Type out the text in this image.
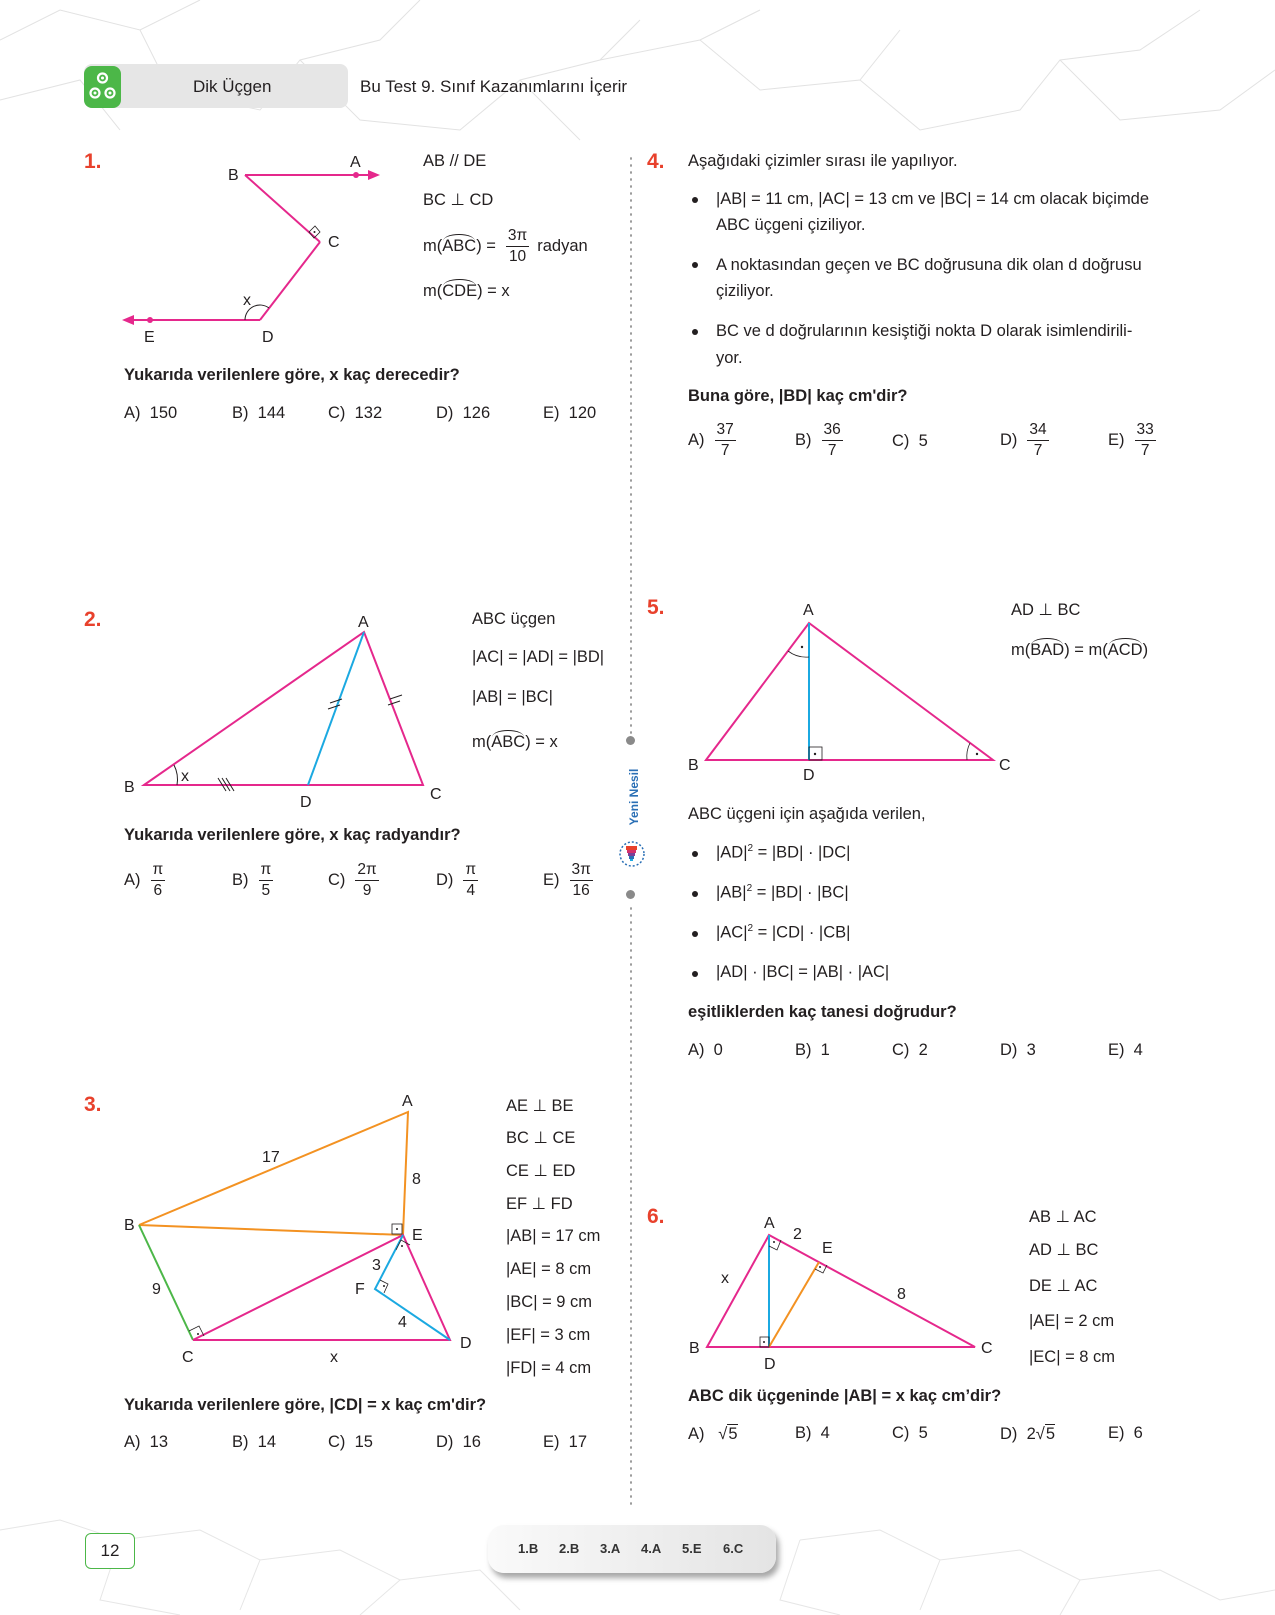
Dik Üçgen	Bu Test 9. Sınıf Kazanımlarını İçerir
Yeni Nesil
1.	A
B
C
D
E
x
AB // DE
BC ⊥ CD
m( ABC ) = $\frac{3\pi}{10}$ radyan
m(CDE) = x
Yukarıda verilenlere göre, x kaç derecedir?
A)
150	B)
144	C)
132	D)
126	E)
120
2.	A
B	C
D
x
ABC üçgen
|AC| = |AD| = |BD|
|AB| = |BC|
m(ABC) = x
Yukarıda verilenlere göre, x kaç radyandır?
$A) \frac{\pi}{6}$	$B) \frac{\pi}{5}$	$C) \frac{2\pi}{9}$	$D) \frac{\pi}{4}$	$E) \frac{3\pi}{16}$
3.	A
B
C
D
E
F
17
8
9
3
4
x
AE ⊥ BE
BC ⊥ CE
CE ⊥ ED
EF ⊥ FD
|AB| = 17 cm
|AE| = 8 cm
|BC| = 9 cm
|EF| = 3 cm
|FD| = 4 cm
Yukarıda verilenlere göre, |CD| = x kaç cm'dir?
A)
13	B)
14	C)
15	D)
16	E)
17
4. Aşağıdaki çizimler sırası ile yapılıyor.
|AB| = 11 cm, |AC| = 13 cm ve |BC| = 14 cm olacak biçimde
ABC üçgeni çiziliyor.
A noktasından geçen ve BC doğrusuna dik olan d doğrusu
çiziliyor.
BC ve d doğrularının kesiştiği nokta D olarak isimlendirili-
yor.
Buna göre, |BD| kaç cm'dir?
$A) \frac{37}{7}$	$B) \frac{36}{7}$	C)
5	$D) \frac{34}{7}$	$E) \frac{33}{7}$
5.	A
B	C
D
AD ⊥ BC
m(BAD) = m(ACD)
ABC üçgeni için aşağıda verilen,
$|AD|^2 = |BD| \cdot |DC|$
$|AB|^2 = |BD| \cdot |BC|$
$|AC|^2 = |CD| \cdot |CB|$
|AD| · |BC| = |AB| · |AC|
eşitliklerden kaç tanesi doğrudur?
A)
0	B)
1	C)
2	D)
3	E)
4
6.	A
B	C
D
E
x
2
8
AB ⊥ AC
AD ⊥ BC
DE ⊥ AC
|AE| = 2 cm
|EC| = 8 cm
ABC dik üçgeninde |AB| = x kaç cm’dir?
A) √ 5	B)
4	C)
5	D)
2 √ 5	E)
6
12	1.B 2.B 3.A 4.A 5.E 6.C
